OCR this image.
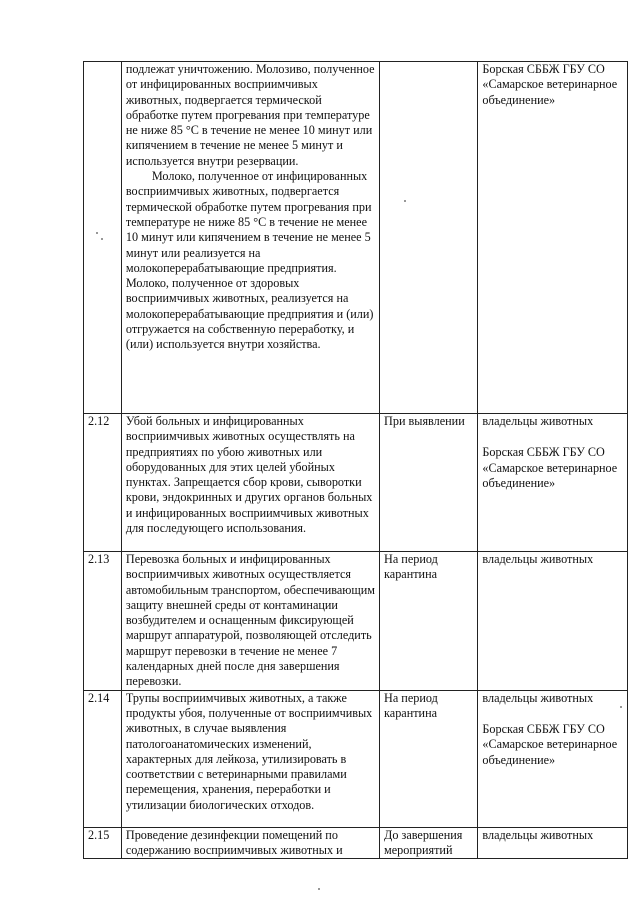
	подлежат уничтожению. Молозиво, полученное от инфицированных восприимчивых животных, подвергается термической обработке путем прогревания при температуре не ниже 85 °С в течение не менее 10 минут или кипячением в течение не менее 5 минут и используется внутри резервации.

Молоко, полученное от инфицированных восприимчивых животных, подвергается термической обработке путем прогревания при температуре не ниже 85 °С в течение не менее 10 минут или кипячением в течение не менее 5 минут или реализуется на молокоперерабатывающие предприятия. Молоко, полученное от здоровых восприимчивых животных, реализуется на молокоперерабатывающие предприятия и (или) отгружается на собственную переработку, и (или) используется внутри хозяйства.		Борская СББЖ ГБУ СО «Самарское ветеринарное объединение»

2.12	Убой больных и инфицированных восприимчивых животных осуществлять на предприятиях по убою животных или оборудованных для этих целей убойных пунктах. Запрещается сбор крови, сыворотки крови, эндокринных и других органов больных и инфицированных восприимчивых животных для последующего использования.	При выявлении	владельцы животных

Борская СББЖ ГБУ СО «Самарское ветеринарное объединение»

2.13	Перевозка больных и инфицированных восприимчивых животных осуществляется автомобильным транспортом, обеспечивающим защиту внешней среды от контаминации возбудителем и оснащенным фиксирующей маршрут аппаратурой, позволяющей отследить маршрут перевозки в течение не менее 7 календарных дней после дня завершения перевозки.	На период карантина	владельцы животных

2.14	Трупы восприимчивых животных, а также продукты убоя, полученные от восприимчивых животных, в случае выявления патологоанатомических изменений, характерных для лейкоза, утилизировать в соответствии с ветеринарными правилами перемещения, хранения, переработки и утилизации биологических отходов.	На период карантина	владельцы животных

Борская СББЖ ГБУ СО «Самарское ветеринарное объединение»

2.15	Проведение дезинфекции помещений по содержанию восприимчивых животных и	До завершения мероприятий	владельцы животных
